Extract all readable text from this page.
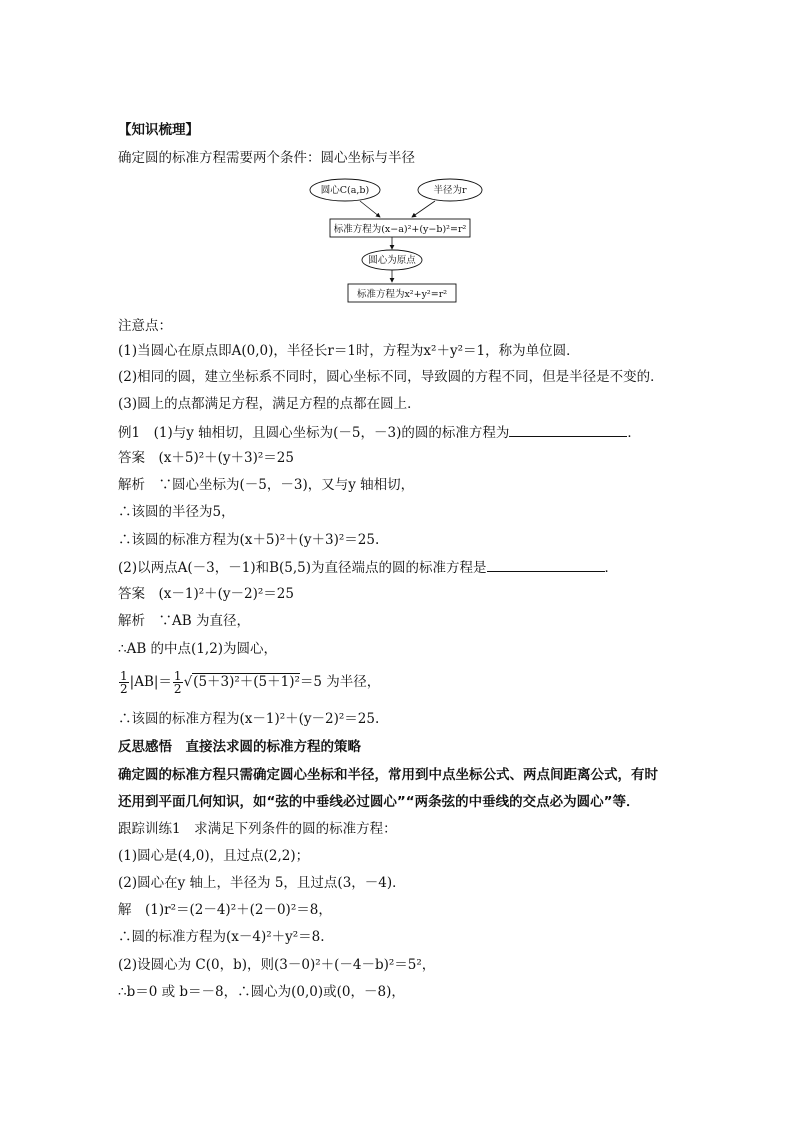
【知识梳理】
确定圆的标准方程需要两个条件：圆心坐标与半径
圆心C(a,b)	半径为r
标准方程为(x−a)²+(y−b)²=r²
圆心为原点
标准方程为x²+y²=r²
注意点：
(1)当圆心在原点即A(0,0)，半径长r＝1时，方程为x²＋y²＝1，称为单位圆．
(2)相同的圆，建立坐标系不同时，圆心坐标不同，导致圆的方程不同，但是半径是不变的．
(3)圆上的点都满足方程，满足方程的点都在圆上．
例1　(1)与y 轴相切，且圆心坐标为(－5，－3)的圆的标准方程为	．
答案　(x＋5)²＋(y＋3)²＝25
解析　∵圆心坐标为(－5，－3)，又与y 轴相切，
∴该圆的半径为5，
∴该圆的标准方程为(x＋5)²＋(y＋3)²＝25.
(2)以两点A(－3，－1)和B(5,5)为直径端点的圆的标准方程是	．
答案　(x－1)²＋(y－2)²＝25
解析　∵AB 为直径，
∴AB 的中点(1,2)为圆心，
$\frac{1}{2} |AB|= \frac{1}{2} √(5+3)^2+(5+1)^2=5$ 为半径，
∴该圆的标准方程为(x－1)²＋(y－2)²＝25.
反思感悟　直接法求圆的标准方程的策略
确定圆的标准方程只需确定圆心坐标和半径，常用到中点坐标公式、两点间距离公式，有时
还用到平面几何知识，如“弦的中垂线必过圆心”“两条弦的中垂线的交点必为圆心”等．
跟踪训练1　求满足下列条件的圆的标准方程：
(1)圆心是(4,0)，且过点(2,2)；
(2)圆心在y 轴上，半径为 5，且过点(3，－4)．
解　(1)r²＝(2－4)²＋(2－0)²＝8，
∴圆的标准方程为(x－4)²＋y²＝8.
(2)设圆心为 C(0，b)，则(3－0)²＋(－4－b)²＝5²，
∴b＝0 或 b＝－8，∴圆心为(0,0)或(0，－8)，
